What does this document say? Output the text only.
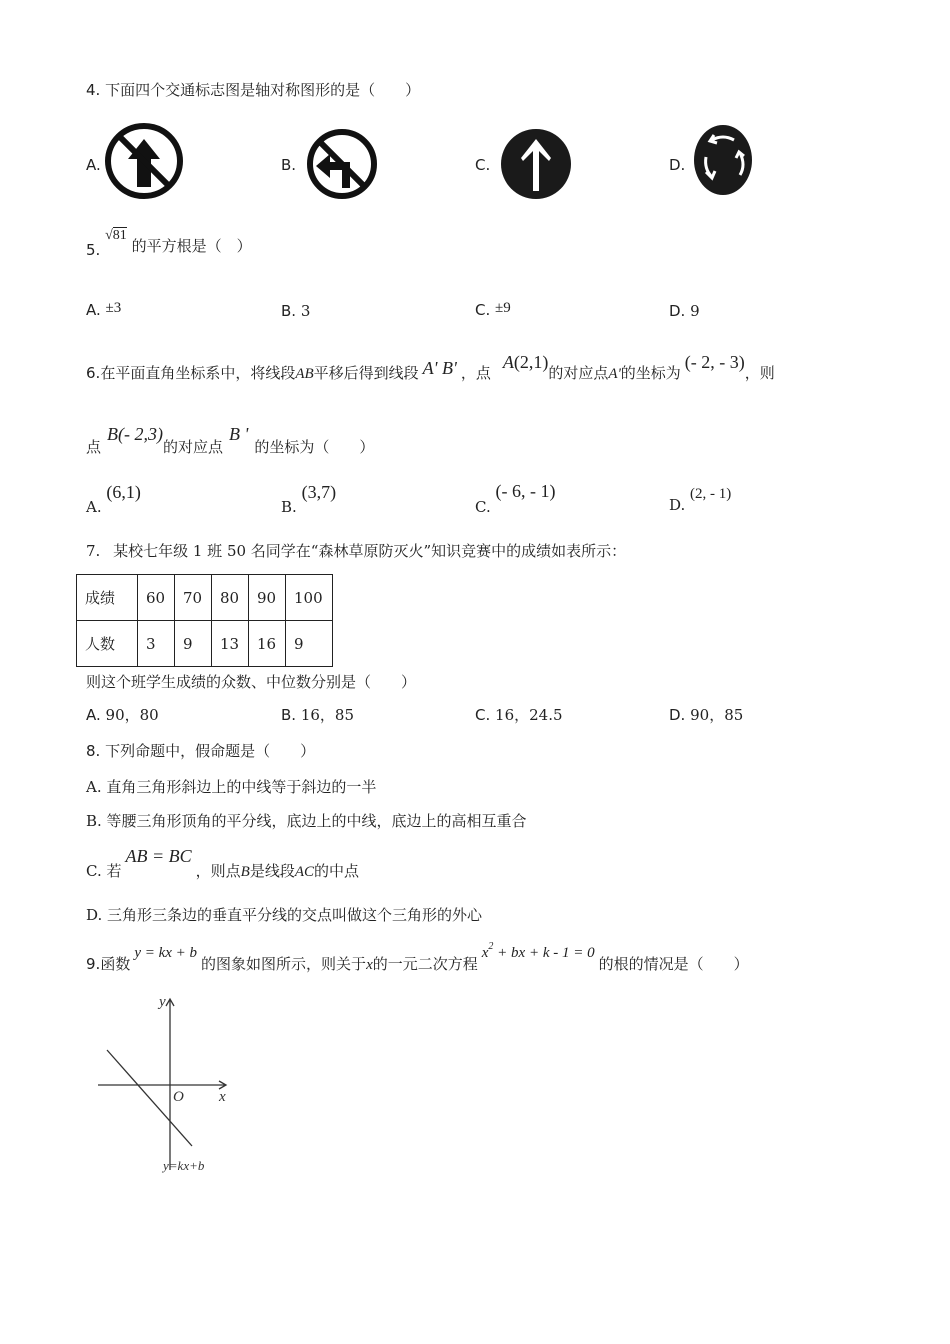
4. 下面四个交通标志图是轴对称图形的是（　　）
A.	B.	C.	D.
5. √81 的平方根是（　）
A. ±3	B. 3	C. ±9	D. 9
6.在平面直角坐标系中，将线段AB平移后得到线段 A' B' ，点A(2,1)的对应点A'的坐标为(- 2, - 3)，则
点B(- 2,3)的对应点B '的坐标为（　　）
A. (6,1)
B. (3,7)
C. (- 6, - 1)
D. (2, - 1)
7. 某校七年级 1 班 50 名同学在“森林草原防灭火”知识竞赛中的成绩如表所示：
成绩	60	70	80	90	100
人数	3	9	13	16	9
则这个班学生成绩的众数、中位数分别是（　　）
A. 90，80	B. 16，85	C. 16，24.5	D. 90，85
8. 下列命题中，假命题是（　　）
A. 直角三角形斜边上的中线等于斜边的一半
B. 等腰三角形顶角的平分线，底边上的中线，底边上的高相互重合
C. 若AB = BC，则点B是线段AC的中点
D. 三角形三条边的垂直平分线的交点叫做这个三角形的外心
9.函数y = kx + b的图象如图所示，则关于x的一元二次方程$x^2$ + bx + k - 1 = 0的根的情况是（　　）
y
x
O
y=kx+b
